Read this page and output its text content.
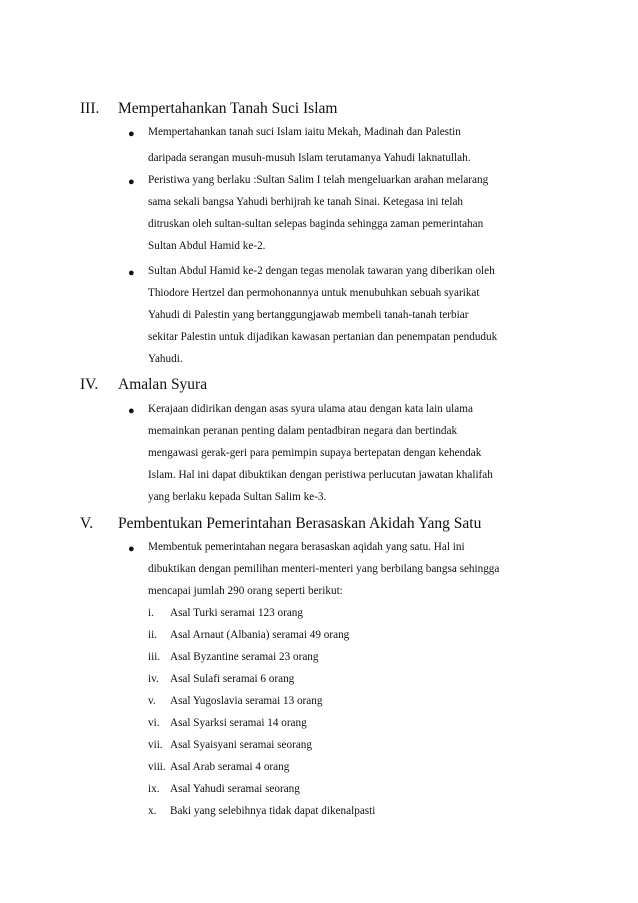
III. Mempertahankan Tanah Suci Islam
● Mempertahankan tanah suci Islam iaitu Mekah, Madinah dan Palestin
daripada serangan musuh-musuh Islam terutamanya Yahudi laknatullah.
● Peristiwa yang berlaku :Sultan Salim I telah mengeluarkan arahan melarang
sama sekali bangsa Yahudi berhijrah ke tanah Sinai. Ketegasa ini telah
ditruskan oleh sultan-sultan selepas baginda sehingga zaman pemerintahan
Sultan Abdul Hamid ke-2.
● Sultan Abdul Hamid ke-2 dengan tegas menolak tawaran yang diberikan oleh
Thiodore Hertzel dan permohonannya untuk menubuhkan sebuah syarikat
Yahudi di Palestin yang bertanggungjawab membeli tanah-tanah terbiar
sekitar Palestin untuk dijadikan kawasan pertanian dan penempatan penduduk
Yahudi.
IV. Amalan Syura
● Kerajaan didirikan dengan asas syura ulama atau dengan kata lain ulama
memainkan peranan penting dalam pentadbiran negara dan bertindak
mengawasi gerak-geri para pemimpin supaya bertepatan dengan kehendak
Islam. Hal ini dapat dibuktikan dengan peristiwa perlucutan jawatan khalifah
yang berlaku kepada Sultan Salim ke-3.
V. Pembentukan Pemerintahan Berasaskan Akidah Yang Satu
● Membentuk pemerintahan negara berasaskan aqidah yang satu. Hal ini
dibuktikan dengan pemilihan menteri-menteri yang berbilang bangsa sehingga
mencapai jumlah 290 orang seperti berikut:
i. Asal Turki seramai 123 orang
ii. Asal Arnaut (Albania) seramai 49 orang
iii. Asal Byzantine seramai 23 orang
iv. Asal Sulafi seramai 6 orang
v. Asal Yugoslavia seramai 13 orang
vi. Asal Syarksi seramai 14 orang
vii. Asal Syaisyani seramai seorang
viii. Asal Arab seramai 4 orang
ix. Asal Yahudi seramai seorang
x. Baki yang selebihnya tidak dapat dikenalpasti
